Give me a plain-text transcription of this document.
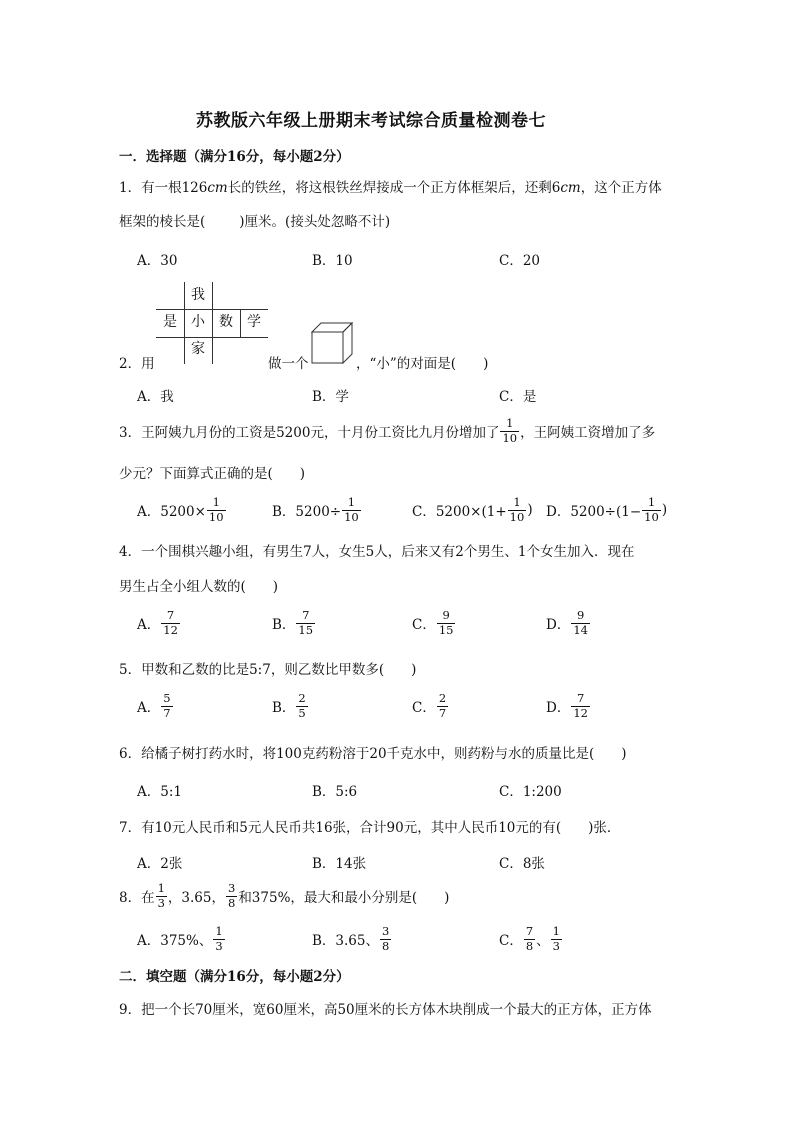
苏教版六年级上册期末考试综合质量检测卷七
一．选择题（满分16分，每小题2分）
1．有一根126cm长的铁丝，将这根铁丝焊接成一个正方体框架后，还剩6cm，这个正方体
框架的棱长是(	)厘米。(接头处忽略不计)
A．30	B．10	C．20
我
是	小	数	学
家
2．用	做一个	，“小”的对面是(　　)
A．我	B．学	C．是
3．王阿姨九月份的工资是5200元，十月份工资比九月份增加了 $\frac{1}{10}$ ，王阿姨工资增加了多
少元？下面算式正确的是(　　)
A．$5200\times \frac{1}{10}$	B．$5200\div \frac{1}{10}$	C．$5200\times(1+ \frac{1}{10}$ ) D．$5200\div(1- \frac{1}{10}$ )
4．一个围棋兴趣小组，有男生7人，女生5人，后来又有2个男生、1个女生加入．现在
男生占全小组人数的(　　)
A． $\frac{7}{12}$	B． $\frac{7}{15}$	C． $\frac{9}{15}$	D． $\frac{9}{14}$
5．甲数和乙数的比是5:7，则乙数比甲数多(　　)
A． $\frac{5}{7}$	B． $\frac{2}{5}$	C． $\frac{2}{7}$	D． $\frac{7}{12}$
6．给橘子树打药水时，将100克药粉溶于20千克水中，则药粉与水的质量比是(　　)
A．5:1	B．5:6	C．1:200
7．有10元人民币和5元人民币共16张，合计90元，其中人民币10元的有(　　)张．
A．2张	B．14张	C．8张
8．在 $\frac{1}{3}$ ，3.65， $\frac{3}{8}$ 和375%，最大和最小分别是(　　)
A．375%、 $\frac{1}{3}$	B．3.65、 $\frac{3}{8}$	C． $\frac{7}{8}$ 、 $\frac{1}{3}$
二．填空题（满分16分，每小题2分）
9．把一个长70厘米，宽60厘米，高50厘米的长方体木块削成一个最大的正方体，正方体
